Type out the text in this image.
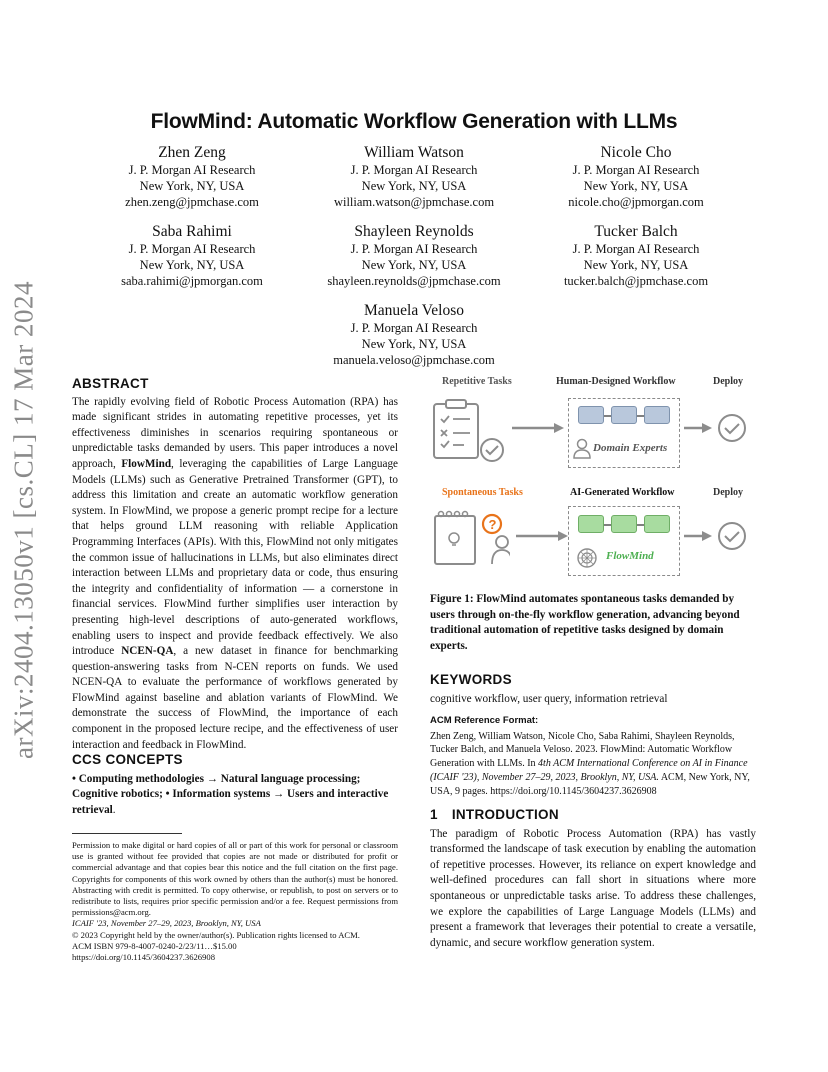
arXiv:2404.13050v1 [cs.CL] 17 Mar 2024
FlowMind: Automatic Workflow Generation with LLMs
Zhen Zeng
J. P. Morgan AI Research
New York, NY, USA
zhen.zeng@jpmchase.com
William Watson
J. P. Morgan AI Research
New York, NY, USA
william.watson@jpmchase.com
Nicole Cho
J. P. Morgan AI Research
New York, NY, USA
nicole.cho@jpmorgan.com
Saba Rahimi
J. P. Morgan AI Research
New York, NY, USA
saba.rahimi@jpmorgan.com
Shayleen Reynolds
J. P. Morgan AI Research
New York, NY, USA
shayleen.reynolds@jpmchase.com
Tucker Balch
J. P. Morgan AI Research
New York, NY, USA
tucker.balch@jpmchase.com
Manuela Veloso
J. P. Morgan AI Research
New York, NY, USA
manuela.veloso@jpmchase.com
ABSTRACT

The rapidly evolving field of Robotic Process Automation (RPA) has made significant strides in automating repetitive processes, yet its effectiveness diminishes in scenarios requiring spontaneous or unpredictable tasks demanded by users. This paper introduces a novel approach, FlowMind, leveraging the capabilities of Large Language Models (LLMs) such as Generative Pretrained Transformer (GPT), to address this limitation and create an automatic workflow generation system. In FlowMind, we propose a generic prompt recipe for a lecture that helps ground LLM reasoning with reliable Application Programming Interfaces (APIs). With this, FlowMind not only mitigates the common issue of hallucinations in LLMs, but also eliminates direct interaction between LLMs and proprietary data or code, thus ensuring the integrity and confidentiality of information — a cornerstone in financial services. FlowMind further simplifies user interaction by presenting high-level descriptions of auto-generated workflows, enabling users to inspect and provide feedback effectively. We also introduce NCEN-QA, a new dataset in finance for benchmarking question-answering tasks from N-CEN reports on funds. We used NCEN-QA to evaluate the performance of workflows generated by FlowMind against baseline and ablation variants of FlowMind. We demonstrate the success of FlowMind, the importance of each component in the proposed lecture recipe, and the effectiveness of user interaction and feedback in FlowMind.

CCS CONCEPTS

• Computing methodologies → Natural language processing; Cognitive robotics; • Information systems → Users and interactive retrieval.

Permission to make digital or hard copies of all or part of this work for personal or classroom use is granted without fee provided that copies are not made or distributed for profit or commercial advantage and that copies bear this notice and the full citation on the first page. Copyrights for components of this work owned by others than the author(s) must be honored. Abstracting with credit is permitted. To copy otherwise, or republish, to post on servers or to redistribute to lists, requires prior specific permission and/or a fee. Request permissions from permissions@acm.org.

ICAIF '23, November 27–29, 2023, Brooklyn, NY, USA

© 2023 Copyright held by the owner/author(s). Publication rights licensed to ACM.

ACM ISBN 979-8-4007-0240-2/23/11…$15.00

https://doi.org/10.1145/3604237.3626908

Repetitive Tasks	Human-Designed Workflow	Deploy
Domain Experts
Spontaneous Tasks	AI-Generated Workflow	Deploy
?
FlowMind
Figure 1: FlowMind automates spontaneous tasks demanded by users through on-the-fly workflow generation, advancing beyond traditional automation of repetitive tasks designed by domain experts.
KEYWORDS

cognitive workflow, user query, information retrieval

ACM Reference Format:

Zhen Zeng, William Watson, Nicole Cho, Saba Rahimi, Shayleen Reynolds, Tucker Balch, and Manuela Veloso. 2023. FlowMind: Automatic Workflow Generation with LLMs. In 4th ACM International Conference on AI in Finance (ICAIF '23), November 27–29, 2023, Brooklyn, NY, USA. ACM, New York, NY, USA, 9 pages. https://doi.org/10.1145/3604237.3626908

1 INTRODUCTION

The paradigm of Robotic Process Automation (RPA) has vastly transformed the landscape of task execution by enabling the automation of repetitive processes. However, its reliance on expert knowledge and well-defined procedures can fall short in situations where more spontaneous or unpredictable tasks arise. To address these challenges, we explore the capabilities of Large Language Models (LLMs) and present a framework that leverages their potential to create a versatile, dynamic, and secure workflow generation system.
